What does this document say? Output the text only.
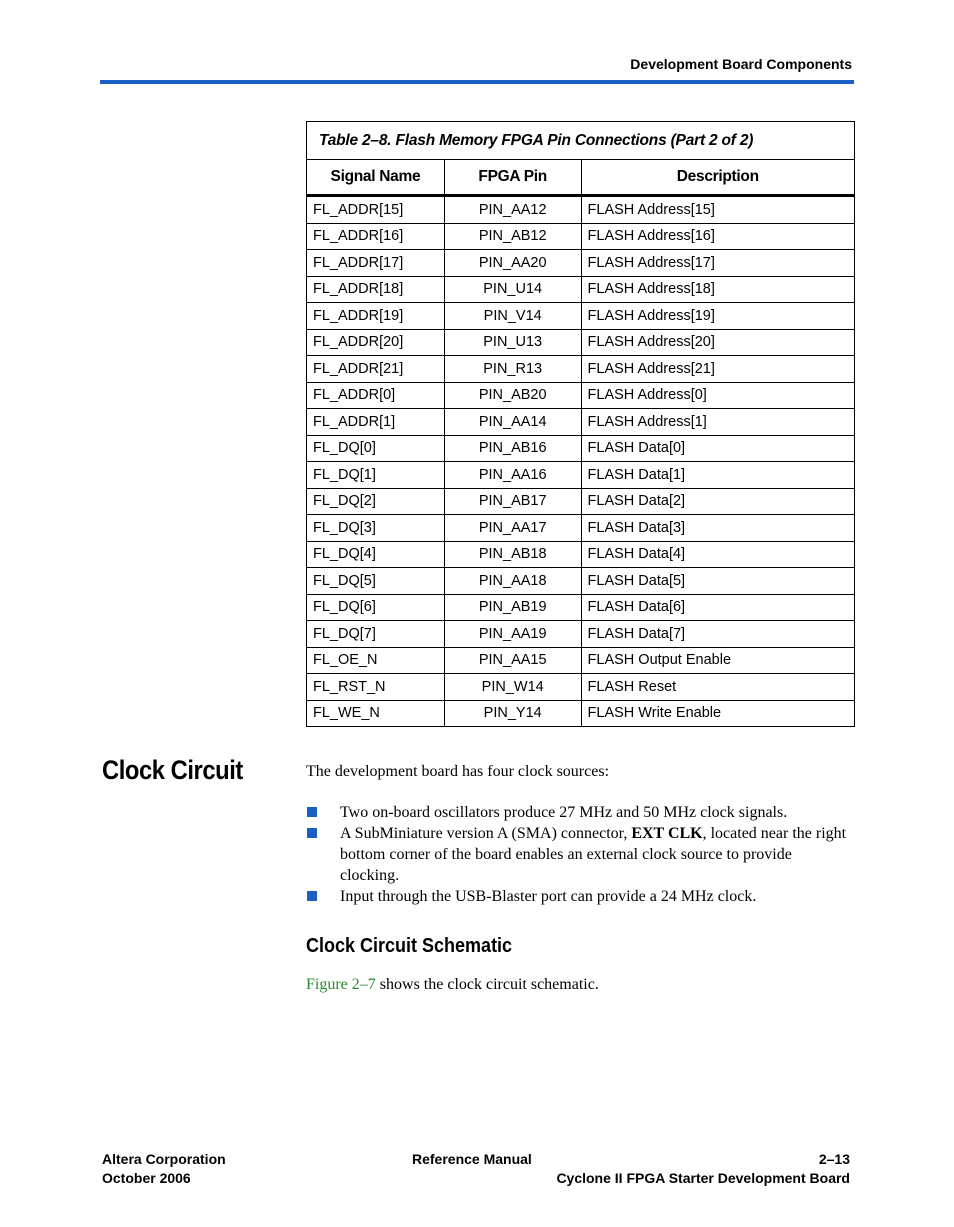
Development Board Components
Table 2–8. Flash Memory FPGA Pin Connections (Part 2 of 2)		
Signal Name	FPGA Pin	Description
FL_ADDR[15]	PIN_AA12	FLASH Address[15]
FL_ADDR[16]	PIN_AB12	FLASH Address[16]
FL_ADDR[17]	PIN_AA20	FLASH Address[17]
FL_ADDR[18]	PIN_U14	FLASH Address[18]
FL_ADDR[19]	PIN_V14	FLASH Address[19]
FL_ADDR[20]	PIN_U13	FLASH Address[20]
FL_ADDR[21]	PIN_R13	FLASH Address[21]
FL_ADDR[0]	PIN_AB20	FLASH Address[0]
FL_ADDR[1]	PIN_AA14	FLASH Address[1]
FL_DQ[0]	PIN_AB16	FLASH Data[0]
FL_DQ[1]	PIN_AA16	FLASH Data[1]
FL_DQ[2]	PIN_AB17	FLASH Data[2]
FL_DQ[3]	PIN_AA17	FLASH Data[3]
FL_DQ[4]	PIN_AB18	FLASH Data[4]
FL_DQ[5]	PIN_AA18	FLASH Data[5]
FL_DQ[6]	PIN_AB19	FLASH Data[6]
FL_DQ[7]	PIN_AA19	FLASH Data[7]
FL_OE_N	PIN_AA15	FLASH Output Enable
FL_RST_N	PIN_W14	FLASH Reset
FL_WE_N	PIN_Y14	FLASH Write Enable
Clock Circuit	The development board has four clock sources:
Two on-board oscillators produce 27 MHz and 50 MHz clock signals.
A SubMiniature version A (SMA) connector, EXT CLK, located near the right bottom corner of the board enables an external clock source to provide clocking.
Input through the USB-Blaster port can provide a 24 MHz clock.
Clock Circuit Schematic
Figure 2–7 shows the clock circuit schematic.
Altera Corporation
October 2006
Reference Manual	2–13
Cyclone II FPGA Starter Development Board
